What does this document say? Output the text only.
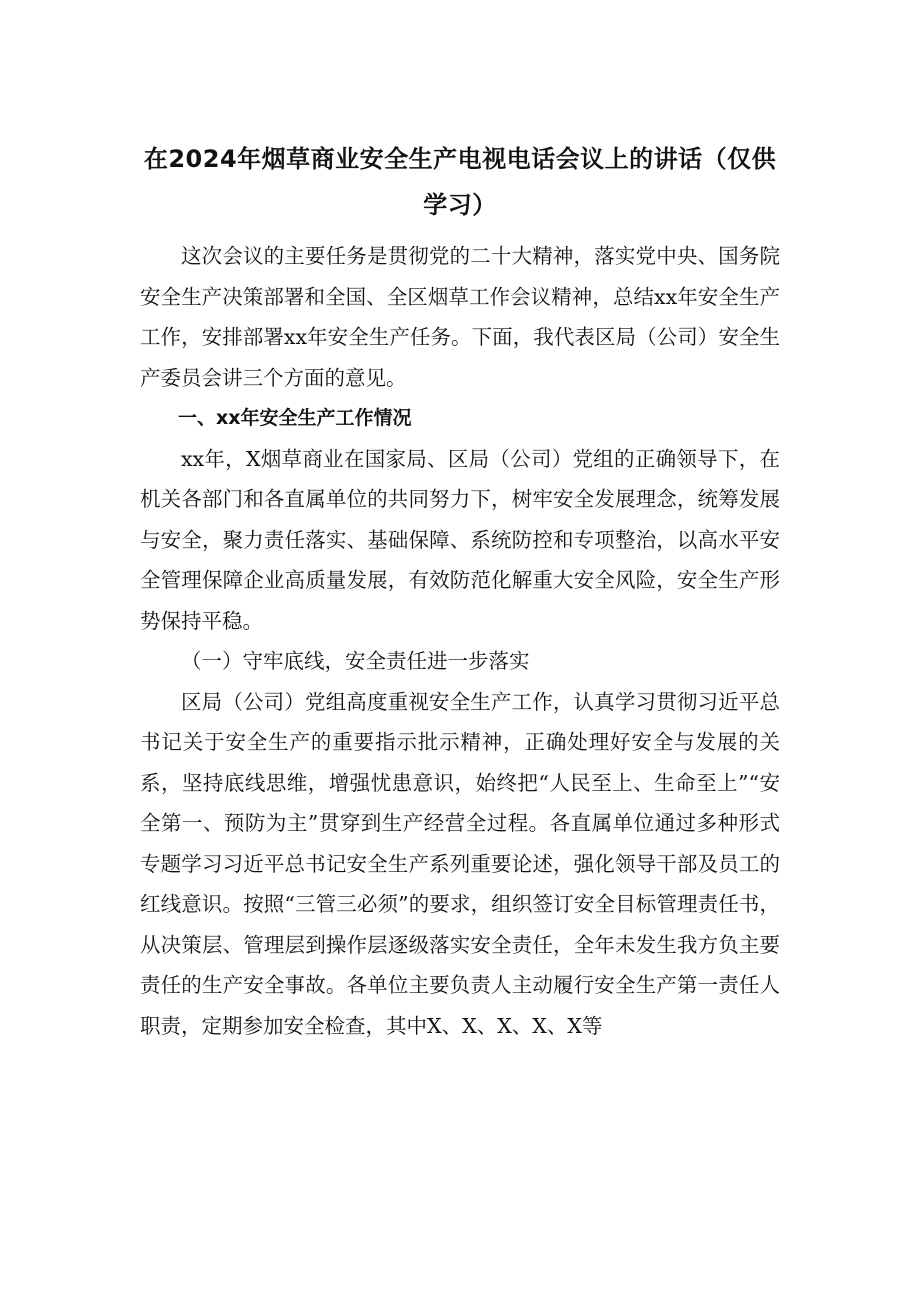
在2024年烟草商业安全生产电视电话会议上的讲话（仅供学习）

这次会议的主要任务是贯彻党的二十大精神，落实党中央、国务院安全生产决策部署和全国、全区烟草工作会议精神，总结xx年安全生产工作，安排部署xx年安全生产任务。下面，我代表区局（公司）安全生产委员会讲三个方面的意见。

一、xx年安全生产工作情况

xx年，X烟草商业在国家局、区局（公司）党组的正确领导下，在机关各部门和各直属单位的共同努力下，树牢安全发展理念，统筹发展与安全，聚力责任落实、基础保障、系统防控和专项整治，以高水平安全管理保障企业高质量发展，有效防范化解重大安全风险，安全生产形势保持平稳。

（一）守牢底线，安全责任进一步落实

区局（公司）党组高度重视安全生产工作，认真学习贯彻习近平总书记关于安全生产的重要指示批示精神，正确处理好安全与发展的关系，坚持底线思维，增强忧患意识，始终把“人民至上、生命至上”“安全第一、预防为主”贯穿到生产经营全过程。各直属单位通过多种形式专题学习习近平总书记安全生产系列重要论述，强化领导干部及员工的红线意识。按照“三管三必须”的要求，组织签订安全目标管理责任书，从决策层、管理层到操作层逐级落实安全责任，全年未发生我方负主要责任的生产安全事故。各单位主要负责人主动履行安全生产第一责任人职责，定期参加安全检查，其中X、X、X、X、X等
